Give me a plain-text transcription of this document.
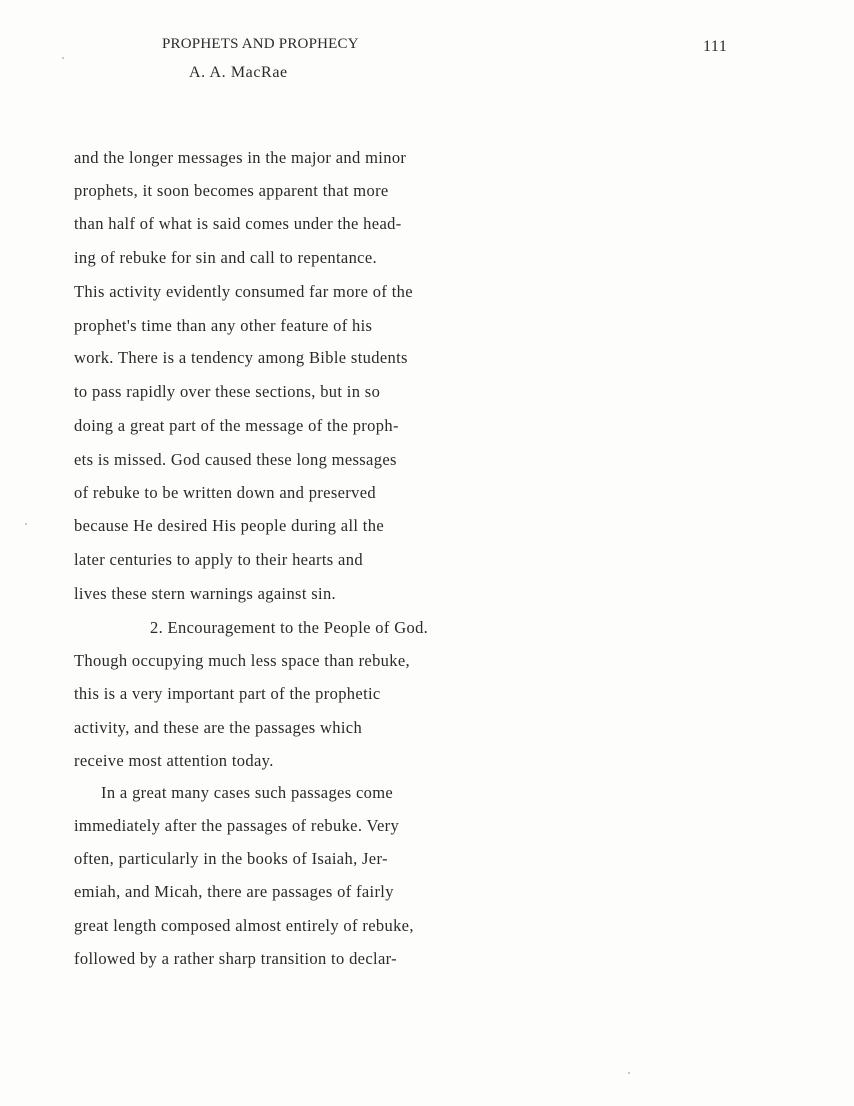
PROPHETS AND PROPHECY
A. A. MacRae
111
and the longer messages in the major and minor
prophets, it soon becomes apparent that more
than half of what is said comes under the head-
ing of rebuke for sin and call to repentance.
This activity evidently consumed far more of the
prophet's time than any other feature of his
work. There is a tendency among Bible students
to pass rapidly over these sections, but in so
doing a great part of the message of the proph-
ets is missed. God caused these long messages
of rebuke to be written down and preserved
because He desired His people during all the
later centuries to apply to their hearts and
lives these stern warnings against sin.
2. Encouragement to the People of God.
Though occupying much less space than rebuke,
this is a very important part of the prophetic
activity, and these are the passages which
receive most attention today.
In a great many cases such passages come
immediately after the passages of rebuke. Very
often, particularly in the books of Isaiah, Jer-
emiah, and Micah, there are passages of fairly
great length composed almost entirely of rebuke,
followed by a rather sharp transition to declar-
